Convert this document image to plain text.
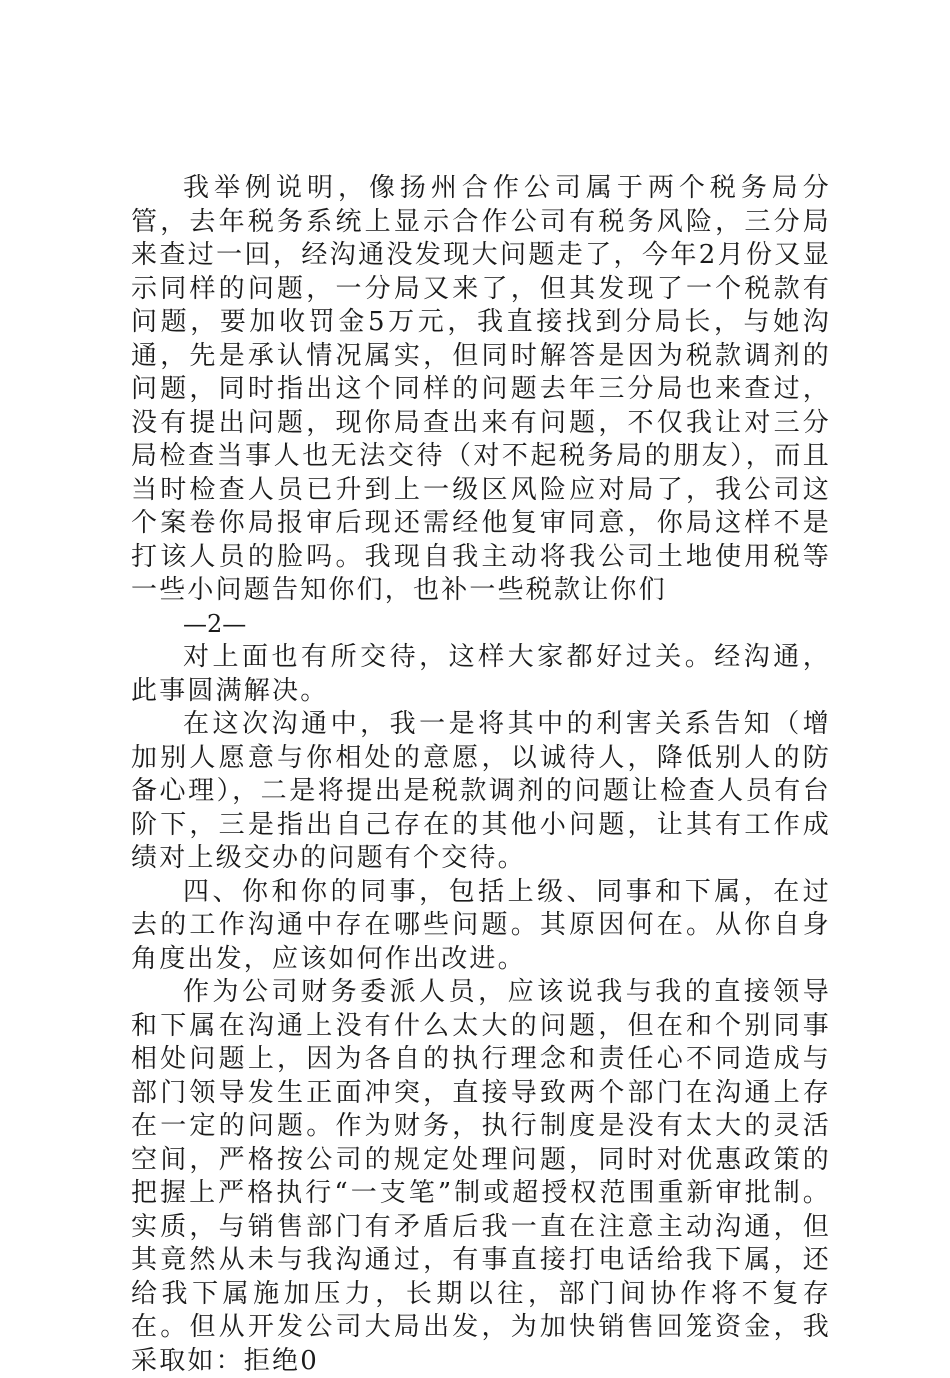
我举例说明，像扬州合作公司属于两个税务局分管，去年税务系统上显示合作公司有税务风险，三分局来查过一回，经沟通没发现大问题走了，今年2月份又显示同样的问题，一分局又来了，但其发现了一个税款有问题，要加收罚金5万元，我直接找到分局长，与她沟通，先是承认情况属实，但同时解答是因为税款调剂的问题，同时指出这个同样的问题去年三分局也来查过，没有提出问题，现你局查出来有问题，不仅我让对三分局检查当事人也无法交待（对不起税务局的朋友），而且当时检查人员已升到上一级区风险应对局了，我公司这个案卷你局报审后现还需经他复审同意，你局这样不是打该人员的脸吗。我现自我主动将我公司土地使用税等一些小问题告知你们，也补一些税款让你们

—2—

对上面也有所交待，这样大家都好过关。经沟通，此事圆满解决。

在这次沟通中，我一是将其中的利害关系告知（增加别人愿意与你相处的意愿，以诚待人，降低别人的防备心理），二是将提出是税款调剂的问题让检查人员有台阶下，三是指出自己存在的其他小问题，让其有工作成绩对上级交办的问题有个交待。

四、你和你的同事，包括上级、同事和下属，在过去的工作沟通中存在哪些问题。其原因何在。从你自身角度出发，应该如何作出改进。

作为公司财务委派人员，应该说我与我的直接领导和下属在沟通上没有什么太大的问题，但在和个别同事相处问题上，因为各自的执行理念和责任心不同造成与部门领导发生正面冲突，直接导致两个部门在沟通上存在一定的问题。作为财务，执行制度是没有太大的灵活空间，严格按公司的规定处理问题，同时对优惠政策的把握上严格执行“一支笔”制或超授权范围重新审批制。实质，与销售部门有矛盾后我一直在注意主动沟通，但其竟然从未与我沟通过，有事直接打电话给我下属，还给我下属施加压力，长期以往，部门间协作将不复存在。但从开发公司大局出发，为加快销售回笼资金，我采取如：拒绝0
